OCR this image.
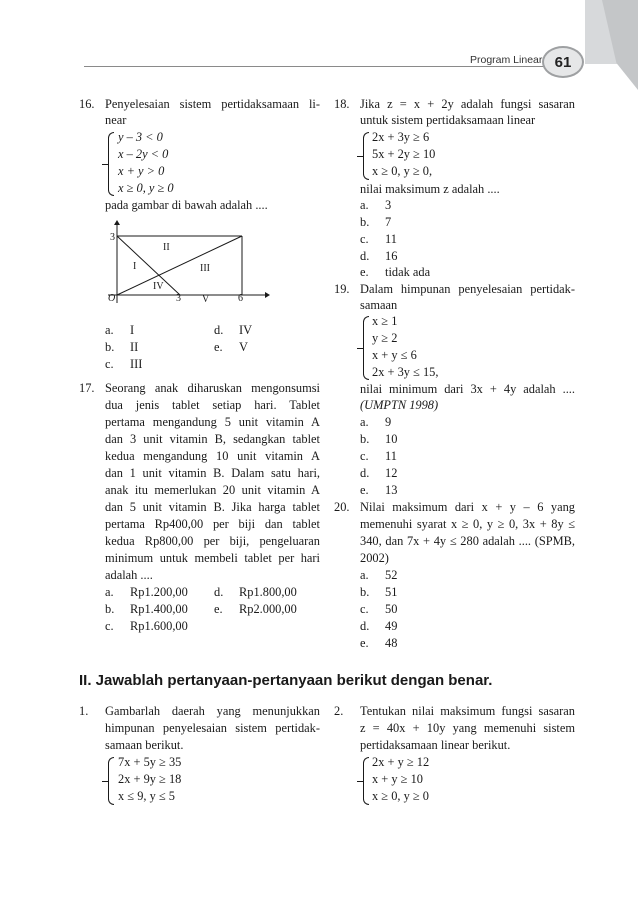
Program Linear 61
16. Penyelesaian sistem pertidaksamaan li-
near
y – 3 < 0
x – 2y < 0
x + y > 0
x ≥ 0, y ≥ 0
pada gambar di bawah adalah ....
3
O	3	6
I
II
III
IV
V
a. I
b. II
c. III
d. IV
e. V
17. Seorang anak diharuskan mengonsumsi
dua jenis tablet setiap hari. Tablet
pertama mengandung 5 unit vitamin A
dan 3 unit vitamin B, sedangkan tablet
kedua mengandung 10 unit vitamin A
dan 1 unit vitamin B. Dalam satu hari,
anak itu memerlukan 20 unit vitamin A
dan 5 unit vitamin B. Jika harga tablet
pertama Rp400,00 per biji dan tablet
kedua Rp800,00 per biji, pengeluaran
minimum untuk membeli tablet per hari
adalah ....
a. Rp1.200,00
b. Rp1.400,00
c. Rp1.600,00
d. Rp1.800,00
e. Rp2.000,00
18. Jika z = x + 2y adalah fungsi sasaran
untuk sistem pertidaksamaan linear
2x + 3y ≥ 6
5x + 2y ≥ 10
x ≥ 0, y ≥ 0,
nilai maksimum z adalah ....
a. 3
b. 7
c. 11
d. 16
e. tidak ada
19. Dalam himpunan penyelesaian pertidak-
samaan
x ≥ 1
y ≥ 2
x + y ≤ 6
2x + 3y ≤ 15,
nilai minimum dari 3x + 4y adalah ....
(UMPTN 1998)
a. 9
b. 10
c. 11
d. 12
e. 13
20. Nilai maksimum dari x + y – 6 yang
memenuhi syarat x ≥ 0, y ≥ 0, 3x + 8y ≤
340, dan 7x + 4y ≤ 280 adalah .... (SPMB,
2002)
a. 52
b. 51
c. 50
d. 49
e. 48
II. Jawablah pertanyaan-pertanyaan berikut dengan benar.
1. Gambarlah daerah yang menunjukkan
himpunan penyelesaian sistem pertidak-
samaan berikut.
7x + 5y ≥ 35
2x + 9y ≥ 18
x ≤ 9, y ≤ 5
2. Tentukan nilai maksimum fungsi sasaran
z = 40x + 10y yang memenuhi sistem
pertidaksamaan linear berikut.
2x + y ≥ 12
x + y ≥ 10
x ≥ 0, y ≥ 0
